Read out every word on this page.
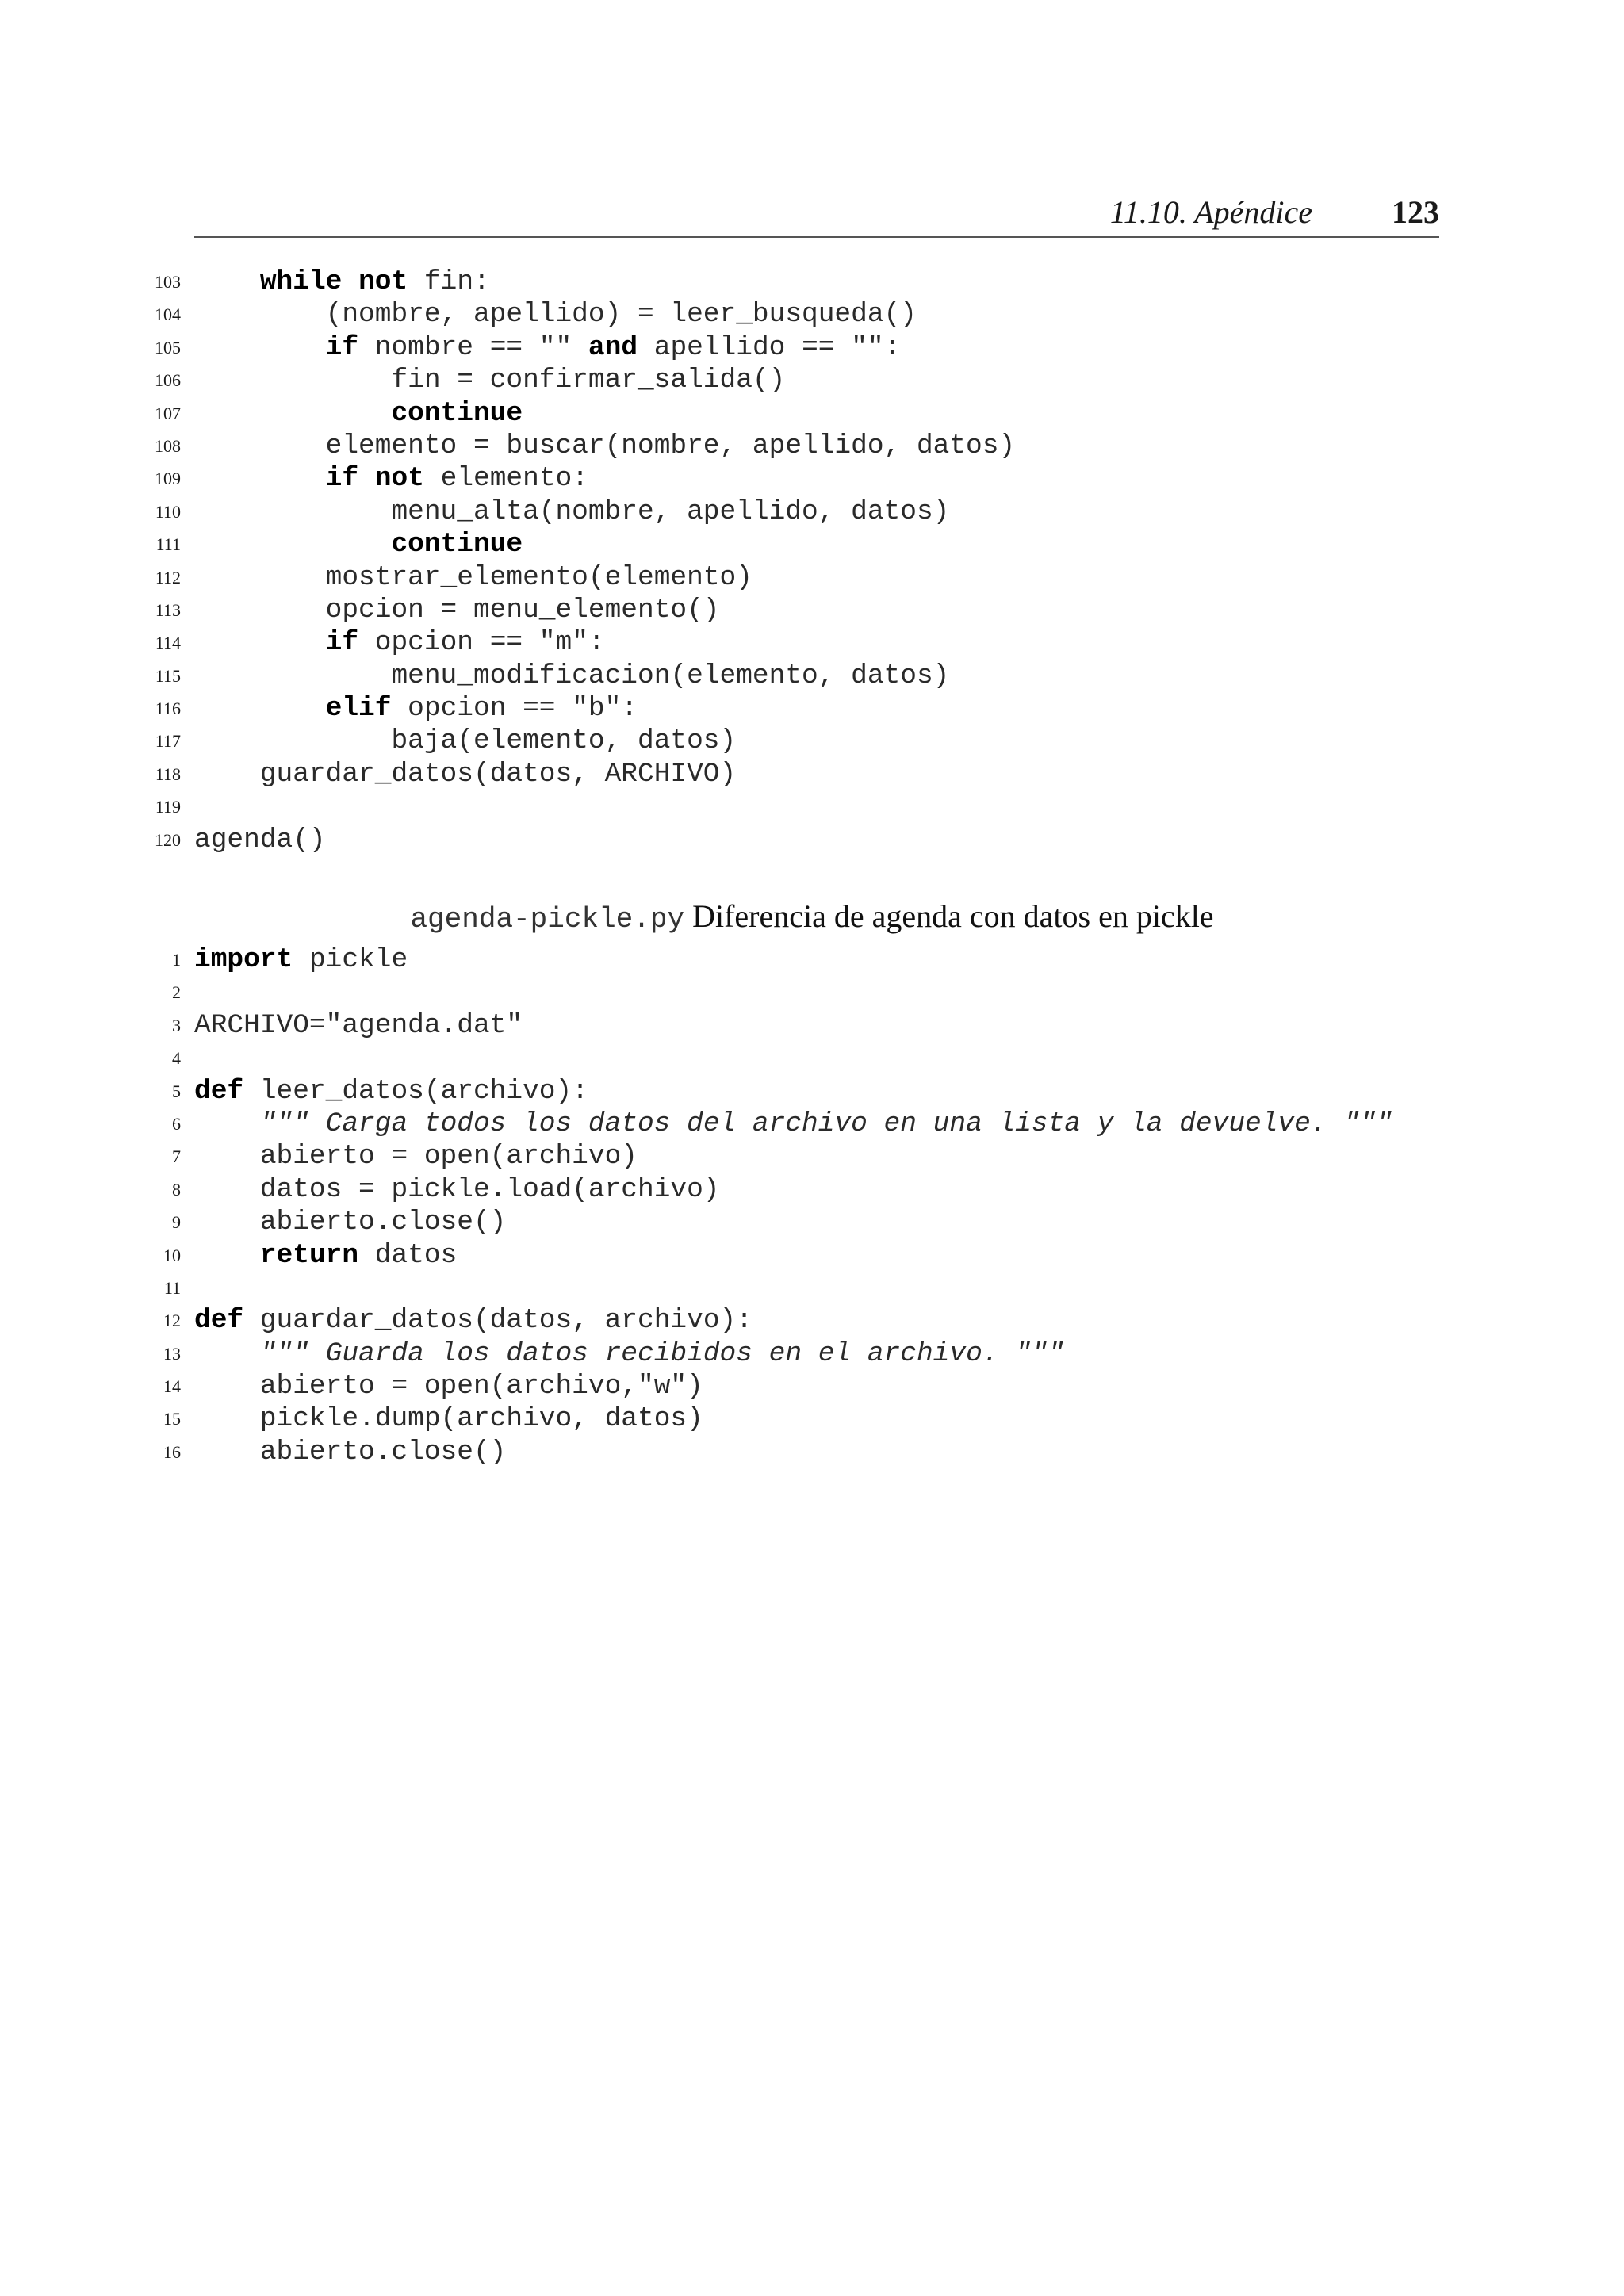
11.10. Apéndice	123
103	while not fin:
104 (nombre, apellido) = leer_busqueda()
105	if nombre == "" and apellido == "":
106 fin = confirmar_salida()
107	continue
108 elemento = buscar(nombre, apellido, datos)
109	if not elemento:
110 menu_alta(nombre, apellido, datos)
111	continue
112 mostrar_elemento(elemento)
113 opcion = menu_elemento()
114	if opcion == "m":
115 menu_modificacion(elemento, datos)
116	elif opcion == "b":
117 baja(elemento, datos)
118 guardar_datos(datos, ARCHIVO)
119
120 agenda()
agenda-pickle.py Diferencia de agenda con datos en pickle
1 import pickle
2
3 ARCHIVO="agenda.dat"
4
5 def leer_datos(archivo):
6	""" Carga todos los datos del archivo en una lista y la devuelve. """
7 abierto = open(archivo)
8 datos = pickle.load(archivo)
9 abierto.close()
10	return datos
11
12 def guardar_datos(datos, archivo):
13	""" Guarda los datos recibidos en el archivo. """
14 abierto = open(archivo,"w")
15 pickle.dump(archivo, datos)
16 abierto.close()
